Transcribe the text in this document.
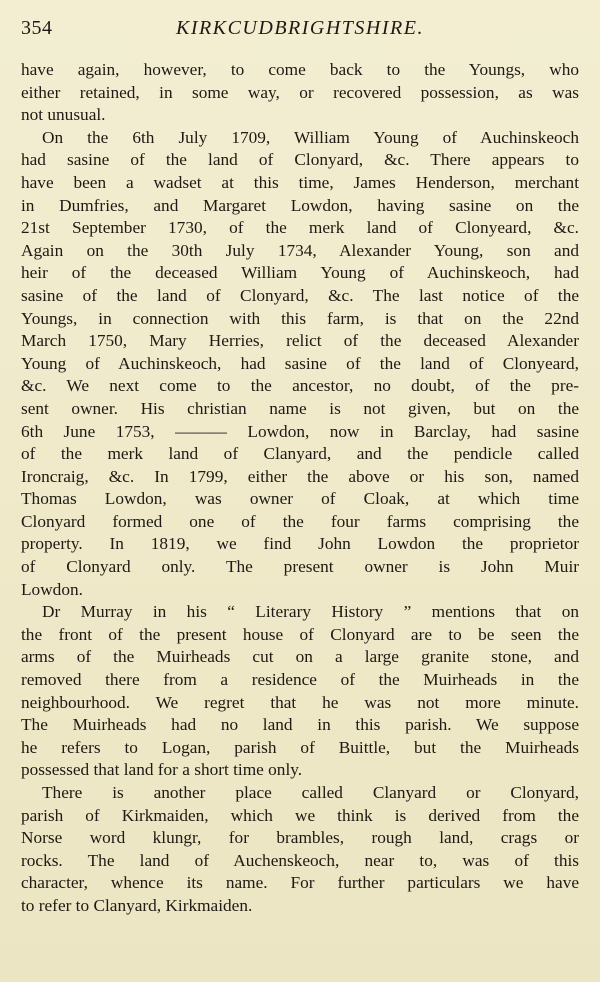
354	KIRKCUDBRIGHTSHIRE.
have again, however, to come back to the Youngs, who
either retained, in some way, or recovered possession, as was
not unusual.
On the 6th July 1709, William Young of Auchinskeoch
had sasine of the land of Clonyard, &c. There appears to
have been a wadset at this time, James Henderson, merchant
in Dumfries, and Margaret Lowdon, having sasine on the
21st September 1730, of the merk land of Clonyeard, &c.
Again on the 30th July 1734, Alexander Young, son and
heir of the deceased William Young of Auchinskeoch, had
sasine of the land of Clonyard, &c. The last notice of the
Youngs, in connection with this farm, is that on the 22nd
March 1750, Mary Herries, relict of the deceased Alexander
Young of Auchinskeoch, had sasine of the land of Clonyeard,
&c. We next come to the ancestor, no doubt, of the pre-
sent owner. His christian name is not given, but on the
6th June 1753, ——— Lowdon, now in Barclay, had sasine
of the merk land of Clanyard, and the pendicle called
Ironcraig, &c. In 1799, either the above or his son, named
Thomas Lowdon, was owner of Cloak, at which time
Clonyard formed one of the four farms comprising the
property. In 1819, we find John Lowdon the proprietor
of Clonyard only. The present owner is John Muir
Lowdon.
Dr Murray in his “ Literary History ” mentions that on
the front of the present house of Clonyard are to be seen the
arms of the Muirheads cut on a large granite stone, and
removed there from a residence of the Muirheads in the
neighbourhood. We regret that he was not more minute.
The Muirheads had no land in this parish. We suppose
he refers to Logan, parish of Buittle, but the Muirheads
possessed that land for a short time only.
There is another place called Clanyard or Clonyard,
parish of Kirkmaiden, which we think is derived from the
Norse word klungr, for brambles, rough land, crags or
rocks. The land of Auchenskeoch, near to, was of this
character, whence its name. For further particulars we have
to refer to Clanyard, Kirkmaiden.
